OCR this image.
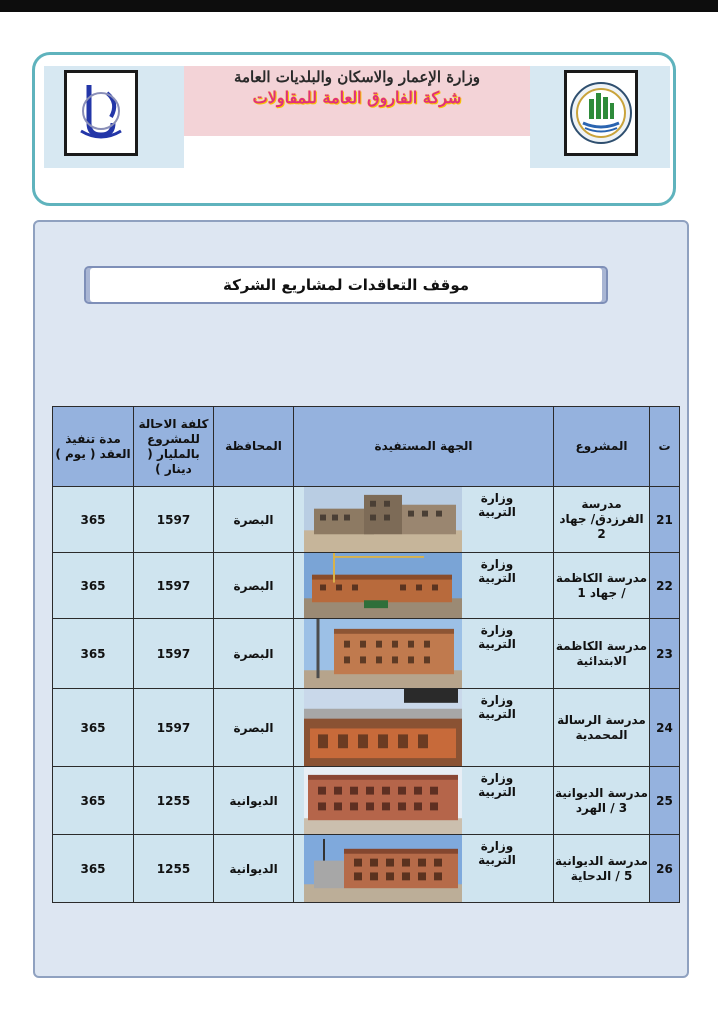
وزارة الإعمار والاسكان والبلديات العامة
شركة الفاروق العامة للمقاولات
موقف التعاقدات لمشاريع الشركة
ت	المشروع	الجهة المستفيدة	المحافظة	كلفة الاحالة للمشروع بالمليار ( دينار )	مدة تنفيذ العقد ( يوم )
21	مدرسة الفرزدق/ جهاد 2	وزارة التربية	البصرة	1597	365
22	مدرسة الكاظمة / جهاد 1	وزارة التربية	البصرة	1597	365
23	مدرسة الكاظمة الابتدائية	وزارة التربية	البصرة	1597	365
24	مدرسة الرسالة المحمدية	وزارة التربية	البصرة	1597	365
25	مدرسة الديوانية 3 / الهرد	وزارة التربية	الديوانية	1255	365
26	مدرسة الديوانية 5 / الدحاية	وزارة التربية	الديوانية	1255	365
